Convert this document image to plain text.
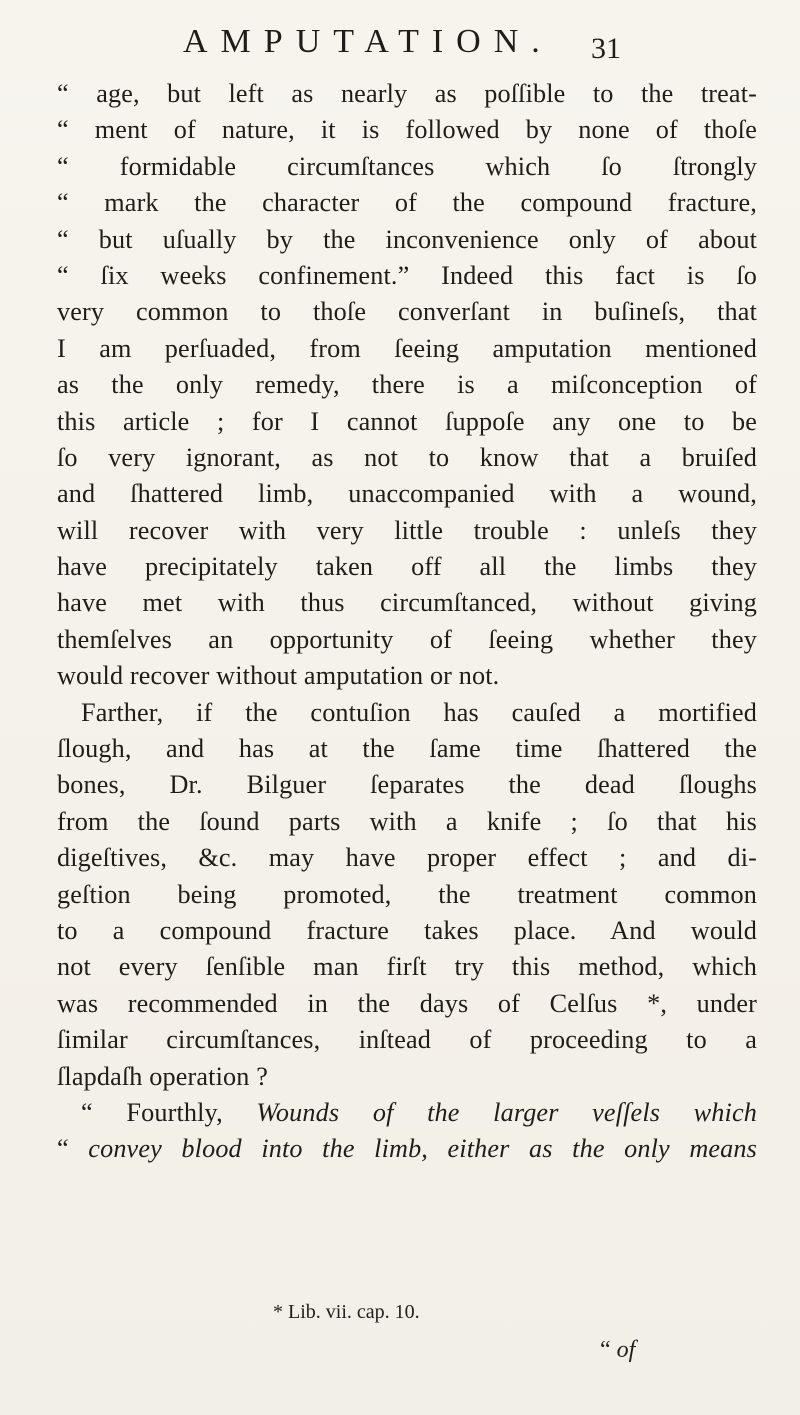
AMPUTATION. 31
“ age, but left as nearly as poſſible to the treat-
“ ment of nature, it is followed by none of thoſe
“ formidable circumſtances which ſo ſtrongly
“ mark the character of the compound fracture,
“ but uſually by the inconvenience only of about
“ ſix weeks confinement.” Indeed this fact is ſo
very common to thoſe converſant in buſineſs, that
I am perſuaded, from ſeeing amputation mentioned
as the only remedy, there is a miſconception of
this article ; for I cannot ſuppoſe any one to be
ſo very ignorant, as not to know that a bruiſed
and ſhattered limb, unaccompanied with a wound,
will recover with very little trouble : unleſs they
have precipitately taken off all the limbs they
have met with thus circumſtanced, without giving
themſelves an opportunity of ſeeing whether they
would recover without amputation or not.
Farther, if the contuſion has cauſed a mortified
ſlough, and has at the ſame time ſhattered the
bones, Dr. Bilguer ſeparates the dead ſloughs
from the ſound parts with a knife ; ſo that his
digeſtives, &c. may have proper effect ; and di-
geſtion being promoted, the treatment common
to a compound fracture takes place. And would
not every ſenſible man firſt try this method, which
was recommended in the days of Celſus *, under
ſimilar circumſtances, inſtead of proceeding to a
ſlapdaſh operation ?
“ Fourthly, Wounds of the larger veſſels which
“ convey blood into the limb, either as the only means
* Lib. vii. cap. 10.
“ of
